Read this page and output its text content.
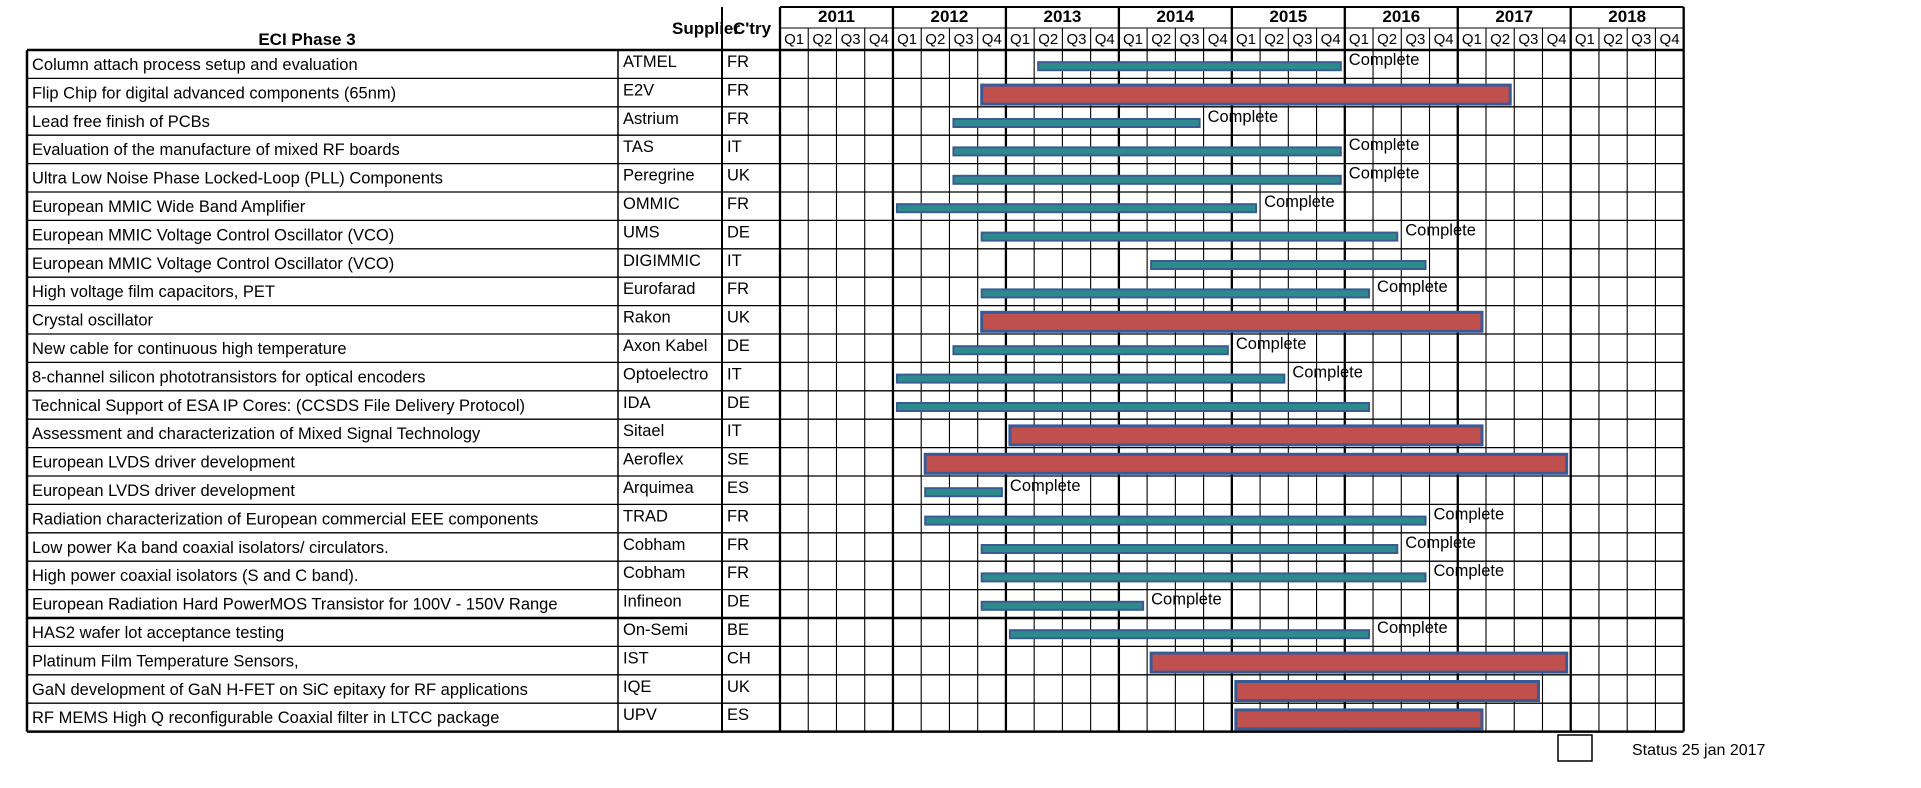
ECI Phase 3
Supplier
C'try
Status 25 jan 2017
2011
Q1 Q2 Q3 Q4
2012
Q1 Q2 Q3 Q4
2013
Q1 Q2 Q3 Q4
2014
Q1 Q2 Q3 Q4
2015
Q1 Q2 Q3 Q4
2016
Q1 Q2 Q3 Q4
2017
Q1 Q2 Q3 Q4
2018
Q1 Q2 Q3 Q4
Column attach process setup and evaluation	ATMEL	FR	Complete
Flip Chip for digital advanced components (65nm)	E2V	FR
Lead free finish of PCBs	Astrium	FR	Complete
Evaluation of the manufacture of mixed RF boards	TAS	IT	Complete
Ultra Low Noise Phase Locked-Loop (PLL) Components	Peregrine UK	Complete
European MMIC Wide Band Amplifier	OMMIC	FR	Complete
European MMIC Voltage Control Oscillator (VCO)	UMS	DE	Complete
European MMIC Voltage Control Oscillator (VCO)	DIGIMMIC IT
High voltage film capacitors, PET	Eurofarad FR	Complete
Crystal oscillator	Rakon	UK
New cable for continuous high temperature	Axon Kabel DE	Complete
8-channel silicon phototransistors for optical encoders	Optoelectro IT	Complete
Technical Support of ESA IP Cores: (CCSDS File Delivery Protocol)	IDA	DE
Assessment and characterization of Mixed Signal Technology	Sitael	IT
European LVDS driver development	Aeroflex	SE
European LVDS driver development	Arquimea ES	Complete
Radiation characterization of European commercial EEE components	TRAD	FR	Complete
Low power Ka band coaxial isolators/ circulators.	Cobham	FR	Complete
High power coaxial isolators (S and C band).	Cobham	FR	Complete
European Radiation Hard PowerMOS Transistor for 100V - 150V Range	Infineon	DE	Complete
HAS2 wafer lot acceptance testing	On-Semi BE	Complete
Platinum Film Temperature Sensors,	IST	CH
GaN development of GaN H-FET on SiC epitaxy for RF applications	IQE	UK
RF MEMS High Q reconfigurable Coaxial filter in LTCC package	UPV	ES
